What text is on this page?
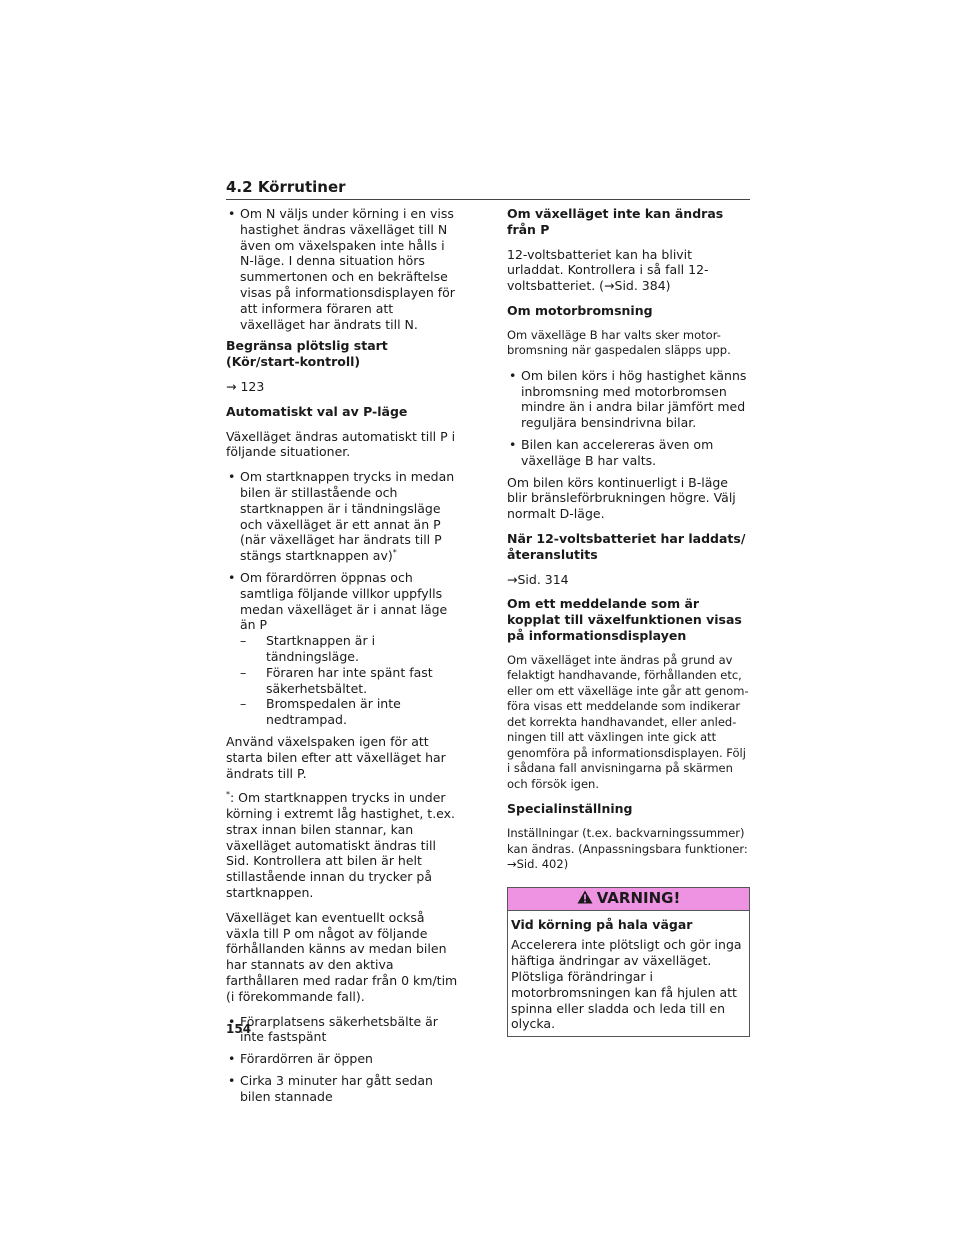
4.2 Körrutiner
• Om N väljs under körning i en viss hastighet ändras växelläget till N även om växelspaken inte hålls i N-läge. I denna situation hörs summertonen och en bekräftelse visas på informationsdisplayen för att informera föraren att växelläget har ändrats till N.

Begränsa plötslig start (Kör/start-kontroll)

→ 123

Automatiskt val av P-läge

Växelläget ändras automatiskt till P i följande situationer.

• Om startknappen trycks in medan bilen är stillastående och startknappen är i tändningsläge och växelläget är ett annat än P (när växelläget har ändrats till P stängs startknappen av)*
• Om förardörren öppnas och samtliga följande villkor uppfylls medan växelläget är i annat läge än P
– Startknappen är i tändningsläge.
– Föraren har inte spänt fast säkerhetsbältet.
– Bromspedalen är inte nedtrampad.

Använd växelspaken igen för att starta bilen efter att växelläget har ändrats till P.

*: Om startknappen trycks in under körning i extremt låg hastighet, t.ex. strax innan bilen stannar, kan växelläget automatiskt ändras till Sid. Kontrollera att bilen är helt stillastående innan du trycker på startknappen.

Växelläget kan eventuellt också växla till P om något av följande förhållanden känns av medan bilen har stannats av den aktiva farthållaren med radar från 0 km/tim (i förekommande fall).

• Förarplatsens säkerhetsbälte är inte fastspänt
• Förardörren är öppen
• Cirka 3 minuter har gått sedan bilen stannade

Om växelläget inte kan ändras från P

12-voltsbatteriet kan ha blivit urladdat. Kontrollera i så fall 12-voltsbatteriet. (→Sid. 384)

Om motorbromsning

Om växelläge B har valts sker motor-bromsning när gaspedalen släpps upp.

• Om bilen körs i hög hastighet känns inbromsning med motorbromsen mindre än i andra bilar jämfört med reguljära bensindrivna bilar.
• Bilen kan accelereras även om växelläge B har valts.

Om bilen körs kontinuerligt i B-läge blir bränsleförbrukningen högre. Välj normalt D-läge.

När 12-voltsbatteriet har laddats/återanslutits

→Sid. 314

Om ett meddelande som är kopplat till växelfunktionen visas på informationsdisplayen

Om växelläget inte ändras på grund av felaktigt handhavande, förhållanden etc, eller om ett växelläge inte går att genom-föra visas ett meddelande som indikerar det korrekta handhavandet, eller anled-ningen till att växlingen inte gick att genomföra på informationsdisplayen. Följ i sådana fall anvisningarna på skärmen och försök igen.

Specialinställning

Inställningar (t.ex. backvarningssummer) kan ändras. (Anpassningsbara funktioner: →Sid. 402)

VARNING!

Vid körning på hala vägar

Accelerera inte plötsligt och gör inga häftiga ändringar av växelläget. Plötsliga förändringar i motorbromsningen kan få hjulen att spinna eller sladda och leda till en olycka.

154
